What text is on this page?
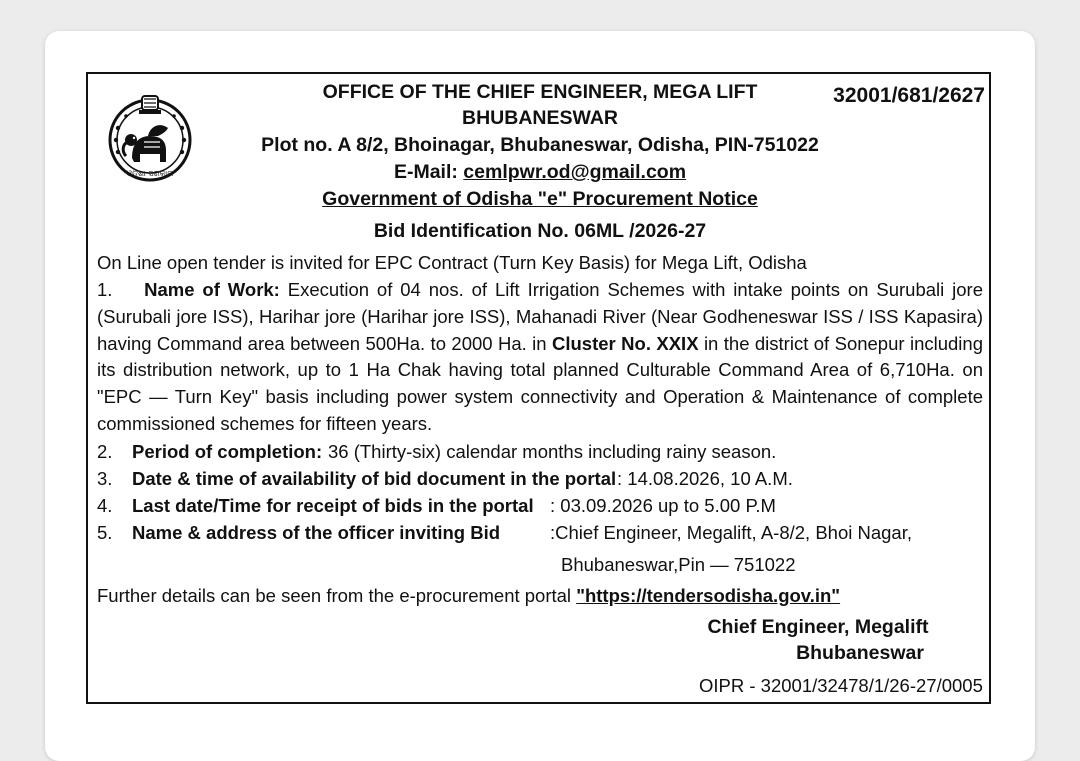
ଓଡ଼ିଶା ସରକାର
32001/681/2627
OFFICE OF THE CHIEF ENGINEER, MEGA LIFT
BHUBANESWAR
Plot no. A 8/2, Bhoinagar, Bhubaneswar, Odisha, PIN-751022
E-Mail: cemlpwr.od@gmail.com
Government of Odisha "e" Procurement Notice
Bid Identification No. 06ML /2026-27
On Line open tender is invited for EPC Contract (Turn Key Basis) for Mega Lift, Odisha
1. Name of Work: Execution of 04 nos. of Lift Irrigation Schemes with intake points on Surubali jore (Surubali jore ISS), Harihar jore (Harihar jore ISS), Mahanadi River (Near Godheneswar ISS / ISS Kapasira) having Command area between 500Ha. to 2000 Ha. in Cluster No. XXIX in the district of Sonepur including its distribution network, up to 1 Ha Chak having total planned Culturable Command Area of 6,710Ha. on "EPC — Turn Key" basis including power system connectivity and Operation & Maintenance of complete commissioned schemes for fifteen years.
2. Period of completion: 36 (Thirty-six) calendar months including rainy season.
3. Date & time of availability of bid document in the portal : 14.08.2026, 10 A.M.
4. Last date/Time for receipt of bids in the portal : 03.09.2026 up to 5.00 P.M
5. Name & address of the officer inviting Bid	:Chief Engineer, Megalift, A-8/2, Bhoi Nagar,
Bhubaneswar,Pin — 751022
Further details can be seen from the e-procurement portal "https://tendersodisha.gov.in"
Chief Engineer, Megalift
Bhubaneswar
OIPR - 32001/32478/1/26-27/0005
